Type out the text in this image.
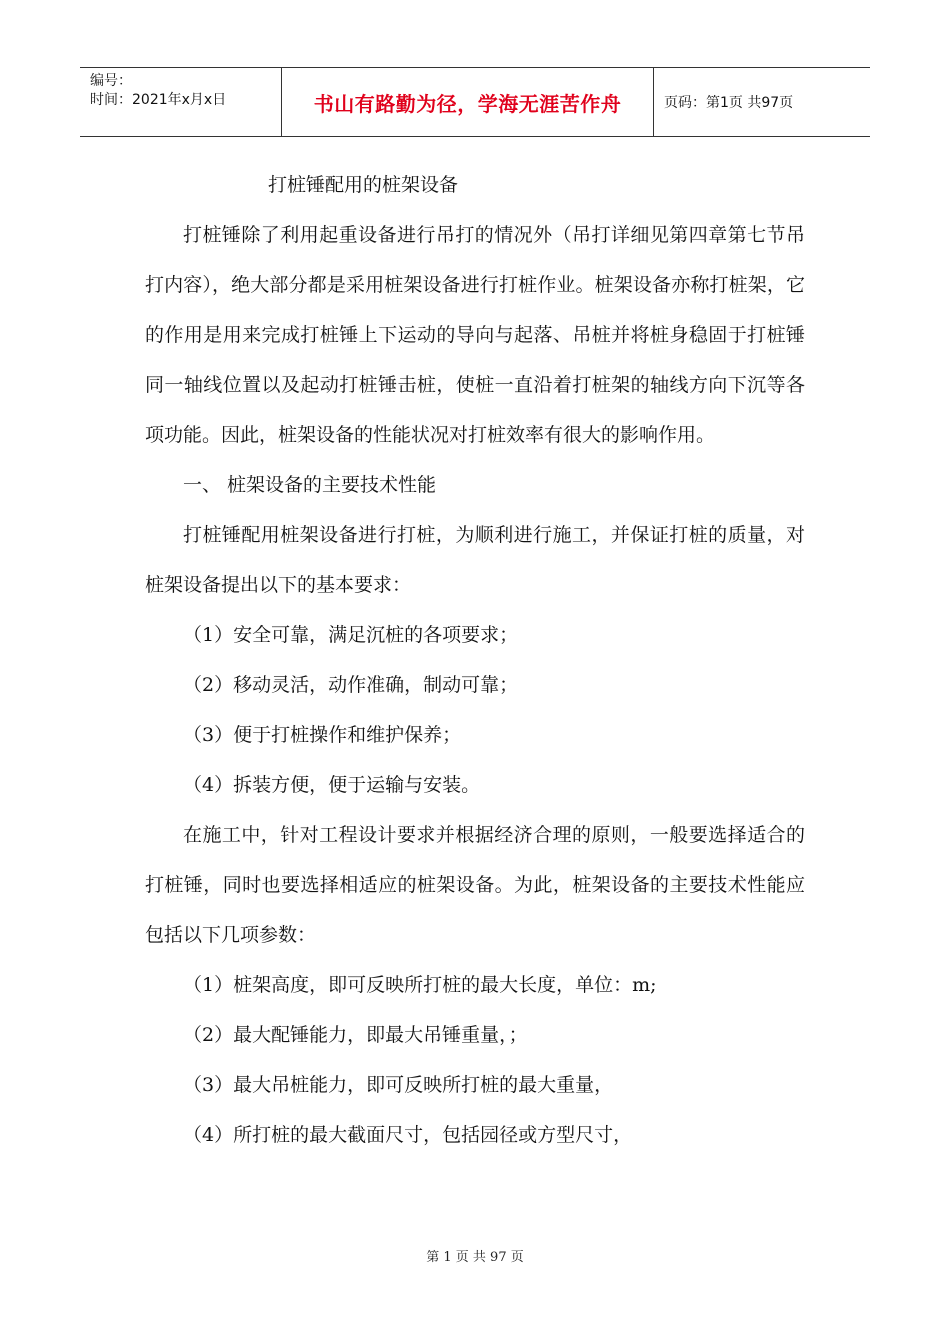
编号：
时间：2021年x月x日	书山有路勤为径，学海无涯苦作舟	页码：第1页 共97页

打桩锤配用的桩架设备

打桩锤除了利用起重设备进行吊打的情况外（吊打详细见第四章第七节吊打内容），绝大部分都是采用桩架设备进行打桩作业。桩架设备亦称打桩架，它的作用是用来完成打桩锤上下运动的导向与起落、吊桩并将桩身稳固于打桩锤同一轴线位置以及起动打桩锤击桩，使桩一直沿着打桩架的轴线方向下沉等各项功能。因此，桩架设备的性能状况对打桩效率有很大的影响作用。

一、 桩架设备的主要技术性能

打桩锤配用桩架设备进行打桩，为顺利进行施工，并保证打桩的质量，对桩架设备提出以下的基本要求：

（1）安全可靠，满足沉桩的各项要求；

（2）移动灵活，动作准确，制动可靠；

（3）便于打桩操作和维护保养；

（4）拆装方便，便于运输与安装。

在施工中，针对工程设计要求并根据经济合理的原则，一般要选择适合的打桩锤，同时也要选择相适应的桩架设备。为此，桩架设备的主要技术性能应包括以下几项参数：

（1）桩架高度，即可反映所打桩的最大长度，单位：m;

（2）最大配锤能力，即最大吊锤重量，；

（3）最大吊桩能力，即可反映所打桩的最大重量，

（4）所打桩的最大截面尺寸，包括园径或方型尺寸，

第 1 页 共 97 页
